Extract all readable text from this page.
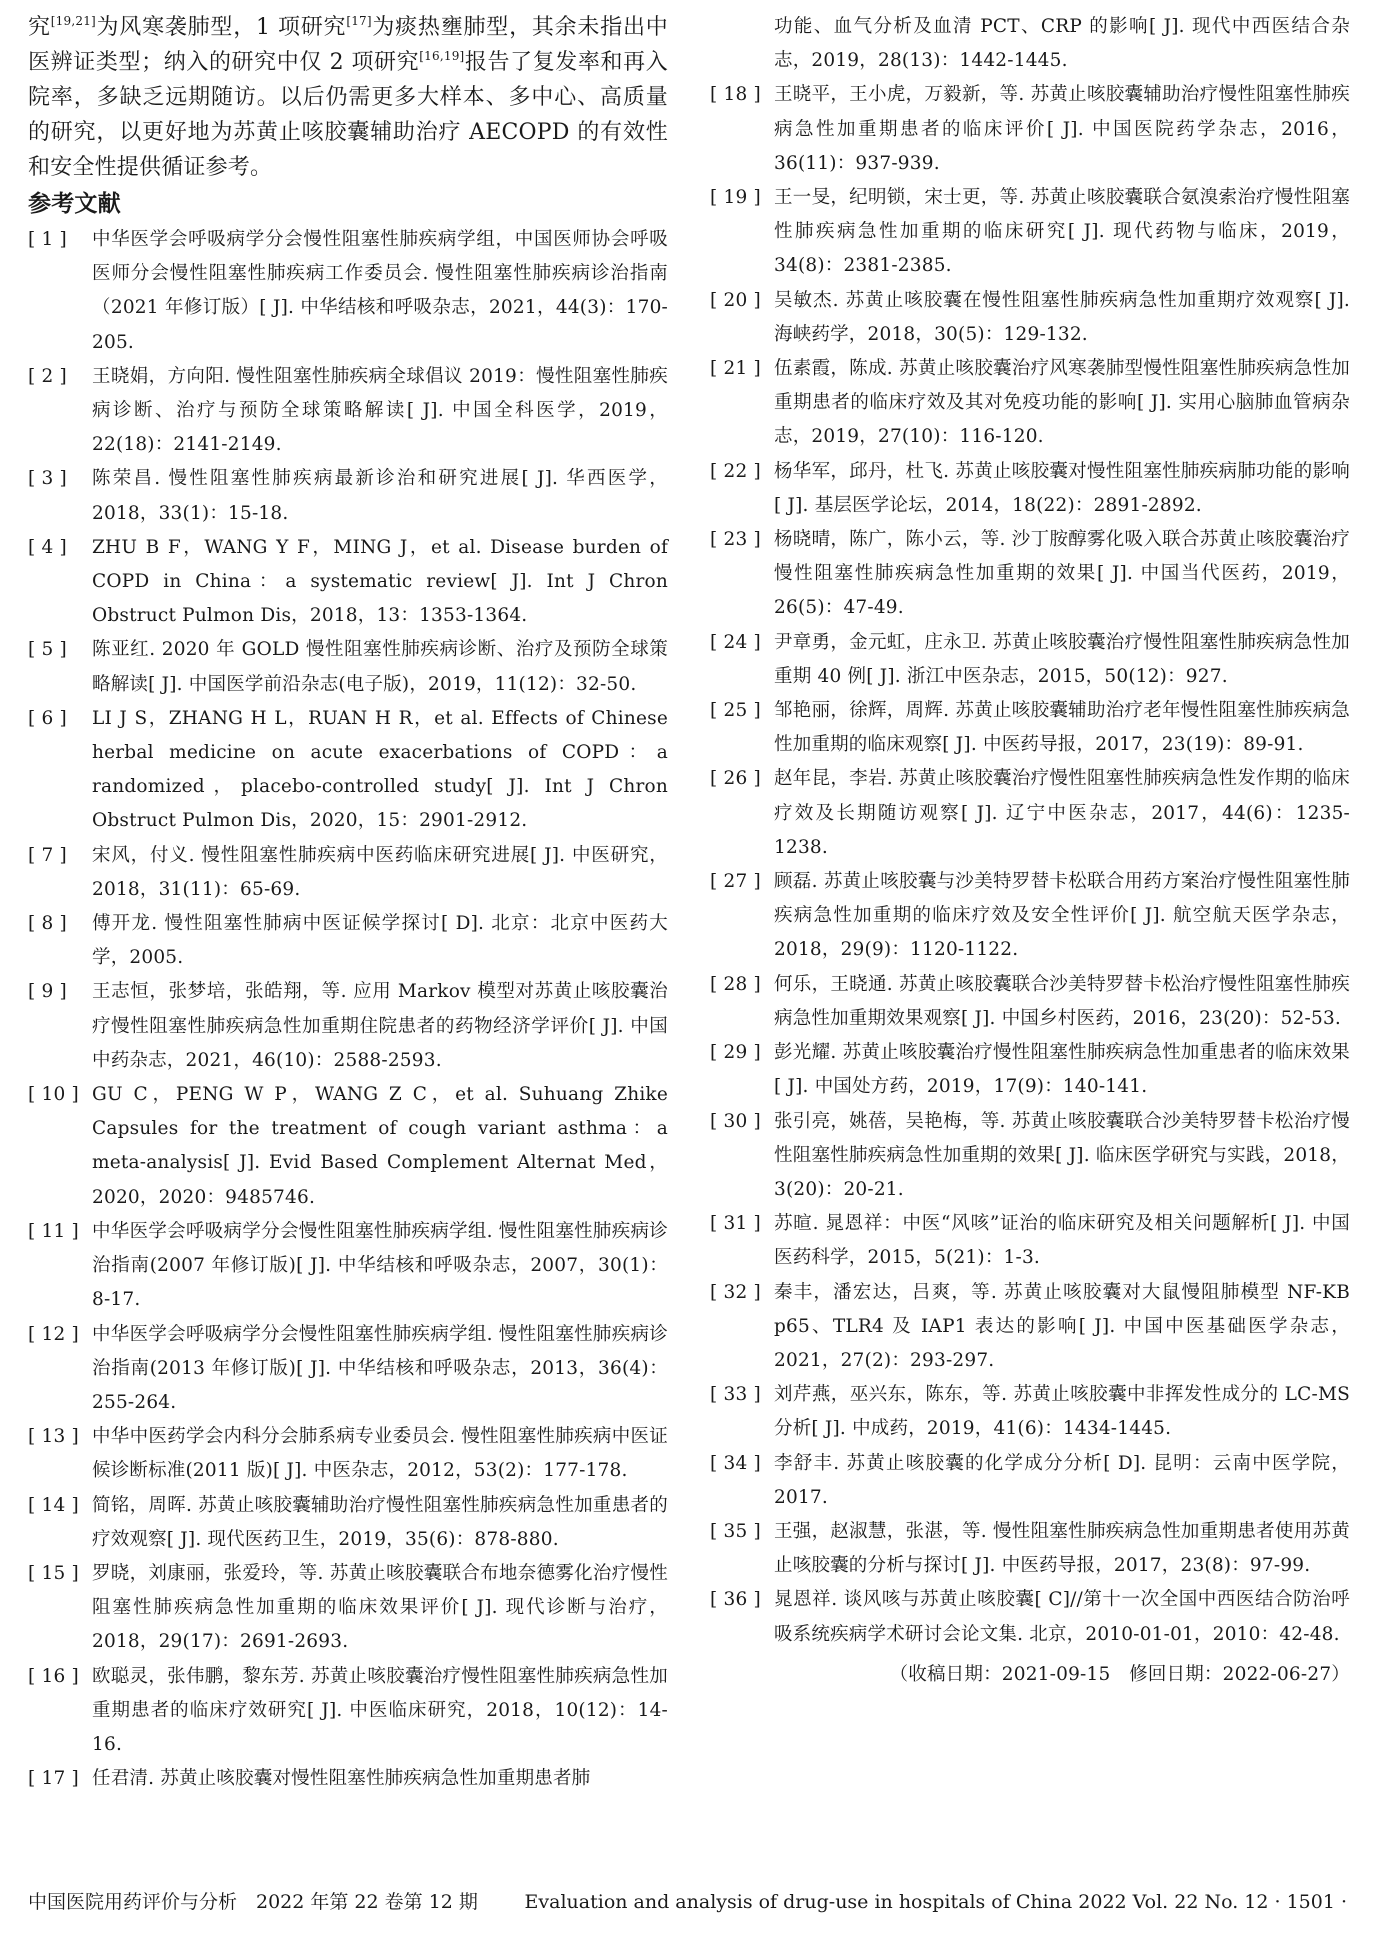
究[19,21]为风寒袭肺型，1 项研究[17]为痰热壅肺型，其余未指出中医辨证类型；纳入的研究中仅 2 项研究[16,19]报告了复发率和再入院率，多缺乏远期随访。以后仍需更多大样本、多中心、高质量的研究，以更好地为苏黄止咳胶囊辅助治疗 AECOPD 的有效性和安全性提供循证参考。
参考文献
[ 1 ] 中华医学会呼吸病学分会慢性阻塞性肺疾病学组，中国医师协会呼吸医师分会慢性阻塞性肺疾病工作委员会. 慢性阻塞性肺疾病诊治指南（2021 年修订版）[ J]. 中华结核和呼吸杂志，2021，44(3)：170-205.
[ 2 ] 王晓娟，方向阳. 慢性阻塞性肺疾病全球倡议 2019：慢性阻塞性肺疾病诊断、治疗与预防全球策略解读[ J]. 中国全科医学，2019，22(18)：2141-2149.
[ 3 ] 陈荣昌. 慢性阻塞性肺疾病最新诊治和研究进展[ J]. 华西医学，2018，33(1)：15-18.
[ 4 ] ZHU B F，WANG Y F，MING J，et al. Disease burden of COPD in China：a systematic review[ J]. Int J Chron Obstruct Pulmon Dis，2018，13：1353-1364.
[ 5 ] 陈亚红. 2020 年 GOLD 慢性阻塞性肺疾病诊断、治疗及预防全球策略解读[ J]. 中国医学前沿杂志(电子版)，2019，11(12)：32-50.
[ 6 ] LI J S，ZHANG H L，RUAN H R，et al. Effects of Chinese herbal medicine on acute exacerbations of COPD：a randomized，placebo-controlled study[ J]. Int J Chron Obstruct Pulmon Dis，2020，15：2901-2912.
[ 7 ] 宋风，付义. 慢性阻塞性肺疾病中医药临床研究进展[ J]. 中医研究，2018，31(11)：65-69.
[ 8 ] 傅开龙. 慢性阻塞性肺病中医证候学探讨[ D]. 北京：北京中医药大学，2005.
[ 9 ] 王志恒，张梦培，张皓翔，等. 应用 Markov 模型对苏黄止咳胶囊治疗慢性阻塞性肺疾病急性加重期住院患者的药物经济学评价[ J]. 中国中药杂志，2021，46(10)：2588-2593.
[ 10 ] GU C，PENG W P，WANG Z C，et al. Suhuang Zhike Capsules for the treatment of cough variant asthma：a meta-analysis[ J]. Evid Based Complement Alternat Med，2020，2020：9485746.
[ 11 ] 中华医学会呼吸病学分会慢性阻塞性肺疾病学组. 慢性阻塞性肺疾病诊治指南(2007 年修订版)[ J]. 中华结核和呼吸杂志，2007，30(1)：8-17.
[ 12 ] 中华医学会呼吸病学分会慢性阻塞性肺疾病学组. 慢性阻塞性肺疾病诊治指南(2013 年修订版)[ J]. 中华结核和呼吸杂志，2013，36(4)：255-264.
[ 13 ] 中华中医药学会内科分会肺系病专业委员会. 慢性阻塞性肺疾病中医证候诊断标准(2011 版)[ J]. 中医杂志，2012，53(2)：177-178.
[ 14 ] 简铭，周晖. 苏黄止咳胶囊辅助治疗慢性阻塞性肺疾病急性加重患者的疗效观察[ J]. 现代医药卫生，2019，35(6)：878-880.
[ 15 ] 罗晓，刘康丽，张爱玲，等. 苏黄止咳胶囊联合布地奈德雾化治疗慢性阻塞性肺疾病急性加重期的临床效果评价[ J]. 现代诊断与治疗，2018，29(17)：2691-2693.
[ 16 ] 欧聪灵，张伟鹏，黎东芳. 苏黄止咳胶囊治疗慢性阻塞性肺疾病急性加重期患者的临床疗效研究[ J]. 中医临床研究，2018，10(12)：14-16.
[ 17 ] 任君清. 苏黄止咳胶囊对慢性阻塞性肺疾病急性加重期患者肺
功能、血气分析及血清 PCT、CRP 的影响[ J]. 现代中西医结合杂志，2019，28(13)：1442-1445.
[ 18 ] 王晓平，王小虎，万毅新，等. 苏黄止咳胶囊辅助治疗慢性阻塞性肺疾病急性加重期患者的临床评价[ J]. 中国医院药学杂志，2016，36(11)：937-939.
[ 19 ] 王一旻，纪明锁，宋士更，等. 苏黄止咳胶囊联合氨溴索治疗慢性阻塞性肺疾病急性加重期的临床研究[ J]. 现代药物与临床，2019，34(8)：2381-2385.
[ 20 ] 吴敏杰. 苏黄止咳胶囊在慢性阻塞性肺疾病急性加重期疗效观察[ J]. 海峡药学，2018，30(5)：129-132.
[ 21 ] 伍素霞，陈成. 苏黄止咳胶囊治疗风寒袭肺型慢性阻塞性肺疾病急性加重期患者的临床疗效及其对免疫功能的影响[ J]. 实用心脑肺血管病杂志，2019，27(10)：116-120.
[ 22 ] 杨华军，邱丹，杜飞. 苏黄止咳胶囊对慢性阻塞性肺疾病肺功能的影响[ J]. 基层医学论坛，2014，18(22)：2891-2892.
[ 23 ] 杨晓晴，陈广，陈小云，等. 沙丁胺醇雾化吸入联合苏黄止咳胶囊治疗慢性阻塞性肺疾病急性加重期的效果[ J]. 中国当代医药，2019，26(5)：47-49.
[ 24 ] 尹章勇，金元虹，庄永卫. 苏黄止咳胶囊治疗慢性阻塞性肺疾病急性加重期 40 例[ J]. 浙江中医杂志，2015，50(12)：927.
[ 25 ] 邹艳丽，徐辉，周辉. 苏黄止咳胶囊辅助治疗老年慢性阻塞性肺疾病急性加重期的临床观察[ J]. 中医药导报，2017，23(19)：89-91.
[ 26 ] 赵年昆，李岩. 苏黄止咳胶囊治疗慢性阻塞性肺疾病急性发作期的临床疗效及长期随访观察[ J]. 辽宁中医杂志，2017，44(6)：1235-1238.
[ 27 ] 顾磊. 苏黄止咳胶囊与沙美特罗替卡松联合用药方案治疗慢性阻塞性肺疾病急性加重期的临床疗效及安全性评价[ J]. 航空航天医学杂志，2018，29(9)：1120-1122.
[ 28 ] 何乐，王晓通. 苏黄止咳胶囊联合沙美特罗替卡松治疗慢性阻塞性肺疾病急性加重期效果观察[ J]. 中国乡村医药，2016，23(20)：52-53.
[ 29 ] 彭光耀. 苏黄止咳胶囊治疗慢性阻塞性肺疾病急性加重患者的临床效果[ J]. 中国处方药，2019，17(9)：140-141.
[ 30 ] 张引亮，姚蓓，吴艳梅，等. 苏黄止咳胶囊联合沙美特罗替卡松治疗慢性阻塞性肺疾病急性加重期的效果[ J]. 临床医学研究与实践，2018，3(20)：20-21.
[ 31 ] 苏暄. 晁恩祥：中医“风咳”证治的临床研究及相关问题解析[ J]. 中国医药科学，2015，5(21)：1-3.
[ 32 ] 秦丰，潘宏达，吕爽，等. 苏黄止咳胶囊对大鼠慢阻肺模型 NF-KB p65、TLR4 及 IAP1 表达的影响[ J]. 中国中医基础医学杂志，2021，27(2)：293-297.
[ 33 ] 刘芹燕，巫兴东，陈东，等. 苏黄止咳胶囊中非挥发性成分的 LC-MS 分析[ J]. 中成药，2019，41(6)：1434-1445.
[ 34 ] 李舒丰. 苏黄止咳胶囊的化学成分分析[ D]. 昆明：云南中医学院，2017.
[ 35 ] 王强，赵淑慧，张湛，等. 慢性阻塞性肺疾病急性加重期患者使用苏黄止咳胶囊的分析与探讨[ J]. 中医药导报，2017，23(8)：97-99.
[ 36 ] 晁恩祥. 谈风咳与苏黄止咳胶囊[ C]//第十一次全国中西医结合防治呼吸系统疾病学术研讨会论文集. 北京，2010-01-01，2010：42-48.
（收稿日期：2021-09-15　修回日期：2022-06-27）
中国医院用药评价与分析　2022 年第 22 卷第 12 期 Evaluation and analysis of drug-use in hospitals of China 2022 Vol. 22 No. 12 · 1501 ·
